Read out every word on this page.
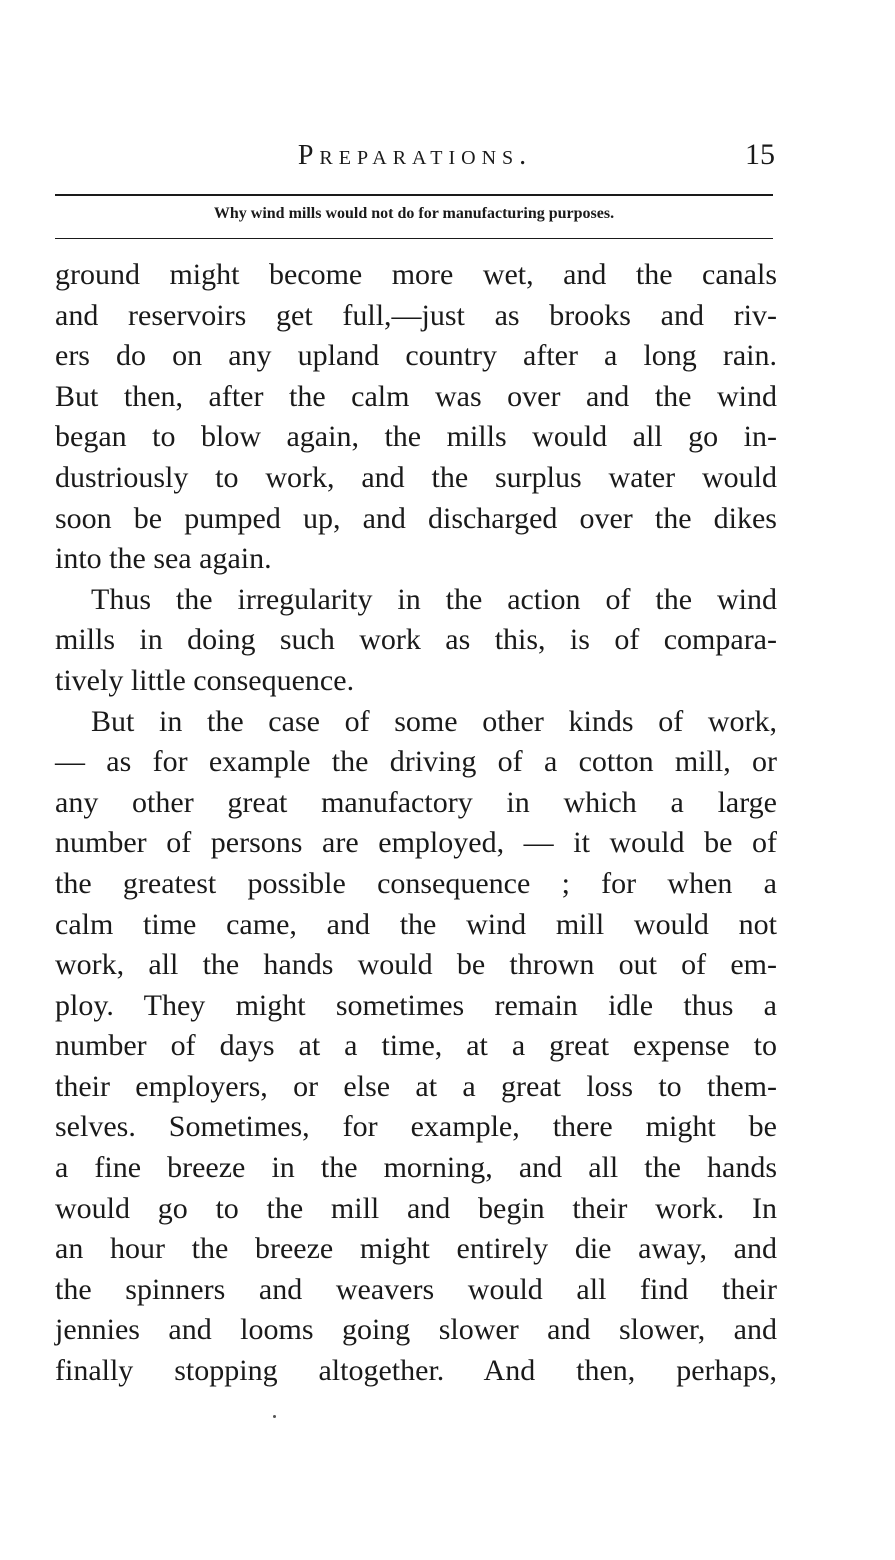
Preparations.	15
Why wind mills would not do for manufacturing purposes.
ground might become more wet, and the canals
and reservoirs get full,—just as brooks and riv-
ers do on any upland country after a long rain.
But then, after the calm was over and the wind
began to blow again, the mills would all go in-
dustriously to work, and the surplus water would
soon be pumped up, and discharged over the dikes
into the sea again.
Thus the irregularity in the action of the wind
mills in doing such work as this, is of compara-
tively little consequence.
But in the case of some other kinds of work,
— as for example the driving of a cotton mill, or
any other great manufactory in which a large
number of persons are employed, — it would be of
the greatest possible consequence ; for when a
calm time came, and the wind mill would not
work, all the hands would be thrown out of em-
ploy. They might sometimes remain idle thus a
number of days at a time, at a great expense to
their employers, or else at a great loss to them-
selves. Sometimes, for example, there might be
a fine breeze in the morning, and all the hands
would go to the mill and begin their work. In
an hour the breeze might entirely die away, and
the spinners and weavers would all find their
jennies and looms going slower and slower, and
finally stopping altogether. And then, perhaps,
